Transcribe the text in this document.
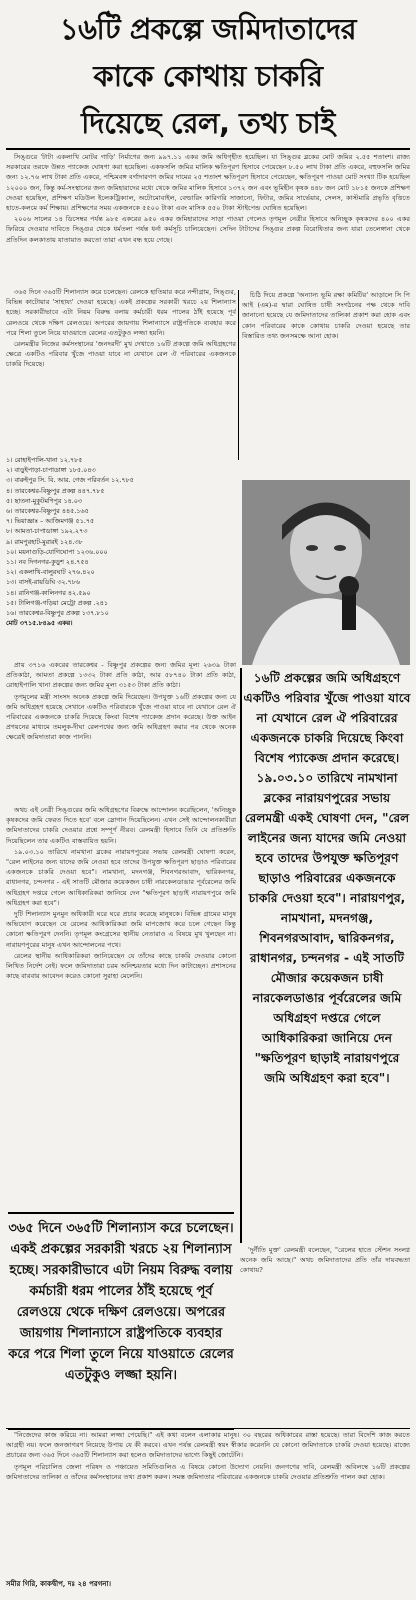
১৬টি প্রকল্পে জমিদাতাদের
কাকে কোথায় চাকরি
দিয়েছে রেল, তথ্য চাই

সিঙ্গুরে 'টাটা একলাখি মোটর গাড়ি' নির্মাণের জন্য ৯৯৭.১১ একর জমি অধিগৃহীত হয়েছিল। যা সিঙ্গুর ব্লকের মোট জমির ২.৫৫ শতাংশ। রাজ্য সরকারের তরফে উন্নত প্যাকেজ ঘোষণা করা হয়েছিল। একফসলি জমির মালিক ক্ষতিপূরণ হিসাবে পেয়েছেন ৮.৫০ লাখ টাকা প্রতি একরে, বহুফসলি জমির জন্য ১২.৭৬ লাখ টাকা প্রতি একরে, পশ্চিমবঙ্গ বর্গাদারগণ জমির দামের ২৫ শতাংশ ক্ষতিপূরণ হিসাবে পেয়েছেন, ক্ষতিপূরণ পাওয়া মোট সংখ্যা টিক হয়েছিল ১২০০০ জন, কিন্তু কর্ম-সংস্থানের জন্য জমিহারাদের মধ্যে থেকে জমির মালিক হিসাবে ১৩৭২ জন এবং ভূমিহীন কৃষক ৪৪৮ জন মোট ১৮১৫ জনকে প্রশিক্ষণ দেওয়া হয়েছিল, প্রশিক্ষণ মডিউল ইলেকট্রিক্যাল, অটোমোবাইল, বেল্ডারিং কারিগরি সাজানো, ফিটার, জমির সার্ভেয়ার, সেলস, কাস্টমারি প্রভৃতি বৃত্তিতে হাতে-কলমে কর্ম শিক্ষায়। প্রশিক্ষণের সময় একজনকে ৫৫০০ টাকা এবং মাসিক ৫৫০ টাকা স্টাইপেন্ড ঘোষিত হয়েছিল।

২০০৬ সালের ১৪ ডিসেম্বর পর্যন্ত ৯৮৫ একরের ৯৫০ একর জমিহারাদের সাড়া পাওয়া গেলেও তৃণমূল নেত্রীর হিসাবে অনিচ্ছুক কৃষকদের ৪০০ একর ফিরিয়ে দেওয়ার দাবিতে সিঙ্গুর থেকে ধর্মতলা পর্যন্ত ধর্না কর্মসূচি চালিয়েছেন। সেদিন টাটাদের সিঙ্গুর প্রকল্প বিরোধিতার জন্য যারা তেলেঙ্গানা থেকে প্রতিদিন কলকাতায় যাতায়াত করতো তারা এখন বন্ধ হয়ে গেছে।

৩৬৫ দিনে ৩৬৫টি শিলান্যাস করে চলেছেন। রেলকে হাতিয়ার করে নন্দীগ্রাম, সিঙ্গুর, বিভিন্ন কাটোয়ার 'সাহায্য' দেওয়া হয়েছে। একই প্রকল্পের সরকারী খরচে ২য় শিলান্যাস হচ্ছে। সরকারীভাবে এটা নিয়ম বিরুদ্ধ বলায় কর্মচারী ধরম পালের ঠাঁই হয়েছে পূর্ব রেলওয়ে থেকে দক্ষিণ রেলওয়ে। অপরের জায়গায় শিলান্যাসে রাষ্ট্রপতিকে ব্যবহার করে পরে শিলা তুলে নিয়ে যাওয়াতে রেলের এতটুকুও লজ্জা হয়নি।

রেলমন্ত্রীর নিজের কর্মসংস্থানের 'জনদরদী' মুখ দেখাতে ১৬টি প্রকল্পে জমি অধিগ্রহণের ক্ষেত্রে একটিও পরিবার খুঁজে পাওয়া যাবে না যেখানে রেল ঐ পরিবারের একজনকে চাকরি দিয়েছে।

চিঠি দিয়ে প্রকল্পে 'অন্যান্য ভূমি রক্ষা কমিটির' আড়ালে সি পি আই (এম)-র দ্বারা ঘোষিত চাষী সংগঠনের পক্ষ থেকে দাবি জানানো হয়েছে যে জমিদাতাদের তালিকা প্রকাশ করা হোক এবং কোন পরিবারের কাকে কোথায় চাকরি দেওয়া হয়েছে তার বিস্তারিত তথ্য জনসমক্ষে আনা হোক।

১। রোহাইপালি-খানা ১২.৭৮৫
২। বাড়ুইপাড়া-চাপাডাঙ্গা ১৮৫.০৪৩
৩। বারুইপুর সি. বি. আর. গেজ পরিবর্তন ১২.৭৮৫
৪। তারকেশ্বর-বিষ্ণুপুর প্রকল্প ৪৪৭.৭৮৫
৫। ছাতনা-মুকুটমণিপুর ১৪.০৩
৬। তারকেশ্বর-বিষ্ণুপুর ৪৪৫.১৬৫
৭। ভিয়াজ্ঞাঃ – আজিমগঞ্জ ৫১.৭৫
৮। আমতা-চাপাডাঙ্গা ১৯২.২৭৩
৯। রামপুরহাট-মুরারই ১২৪.৩৮
১০। ময়নাগুড়ি-যোগিঘোপা ১২৩৬.০০০
১১। নব দিগনগর-কুড়ুশ ২৪.৭৫৪
১২। একলাখি-বালুরঘাট ২৭৬.৪২০
১৩। বাসই-রায়ডিঘি ৩২.৭৮৬
১৪। রানিগঞ্জ-কালিনগর ৪২.৫৯০
১৫। টালিগঞ্জ-গড়িয়া মেট্রো প্রকল্প .২৪১
১৬। তারকেশ্বর-বিষ্ণুপুর প্রকল্প ১৩৭.৮১০
মোট ৩৭১৫.৮৪৯৫ একর।

প্রায় ৩৭১৬ একরের তারকেশ্বর - বিষ্ণুপুর প্রকল্পের জন্য জমির মূল্য ২৬৩৯ টাকা প্রতিকাঠা, আমতা প্রকল্পে ১৩৩২ টাকা প্রতি কাঠা, আর ৫৮৭৪০ টাকা প্রতি কাঠা, রোহাইপালি খানা প্রকল্পের জন্য জমির মূল্য ৩১৫৩ টাকা প্রতি কাঠা।

তৃণমূলের মন্ত্রী সাংসদ অনেক প্রকল্পে জমি দিয়েছেন। উপযুক্ত ১৬টি প্রকল্পের জন্য যে জমি অধিগ্রহণ হয়েছে সেখানে একটিও পরিবারকে খুঁজে পাওয়া যাবে না যেখানে রেল ঐ পরিবারের একজনকে চাকরি দিয়েছে কিংবা বিশেষ প্যাকেজ প্রদান করেছে। উক্ত আইন প্রণয়নের মাধ্যমে তমলুক-দীঘা রেলপথের জন্য জমি অধিগ্রহণ করার পর থেকে অনেক ক্ষেত্রেই জমিদাতারা কাজ পাননি।

অথচ এই নেত্রী সিঙ্গুরের জমি অধিগ্রহণের বিরুদ্ধে আন্দোলন করেছিলেন, 'অনিচ্ছুক কৃষকদের জমি ফেরত দিতে হবে' বলে স্লোগান দিয়েছিলেন। এখন সেই আন্দোলনকারীরা জমিদাতাদের চাকরি দেওয়ার প্রশ্নে সম্পূর্ণ নীরব। রেলমন্ত্রী হিসাবে তিনি যে প্রতিশ্রুতি দিয়েছিলেন তার একটিও বাস্তবায়িত হয়নি।

১৯.০৩.১০ তারিখে নামখানা ব্লকের নারায়ণপুরের সভায় রেলমন্ত্রী ঘোষণা করেন, "রেল লাইনের জন্য যাদের জমি নেওয়া হবে তাদের উপযুক্ত ক্ষতিপূরণ ছাড়াও পরিবারের একজনকে চাকরি দেওয়া হবে"। নামখানা, মদনগঞ্জ, শিবনগরআবাদ, দ্বারিকনগর, রাধানগর, চন্দনগর - এই সাতটি মৌজার কয়েকজন চাষী নারকেলডাঙার পূর্বরেলের জমি অধিগ্রহণ দপ্তরে গেলে আধিকারিকরা জানিয়ে দেন "ক্ষতিপূরণ ছাড়াই নারায়ণপুরে জমি অধিগ্রহণ করা হবে"।

দুটি শিলান্যাস মুনমুন অধিকারী ঘরে ঘরে প্রচার করেছে মানুষকে। বিভিন্ন গ্রামের মানুষ অভিযোগ করেছেন যে রেলের আধিকারিকরা জমি মাপজোখ করে চলে গেছেন কিন্তু কোনো ক্ষতিপূরণ দেননি। তৃণমূল কংগ্রেসের স্থানীয় নেতারাও এ বিষয়ে মুখ খুলছেন না। নারায়ণপুরের মানুষ এখন আন্দোলনের পথে।

রেলের স্থানীয় আধিকারিকরা জানিয়েছেন যে তাঁদের কাছে চাকরি দেওয়ার কোনো লিখিত নির্দেশ নেই। ফলে জমিদাতারা চরম অনিশ্চয়তার মধ্যে দিন কাটাচ্ছেন। প্রশাসনের কাছে বারবার আবেদন করেও কোনো সুরাহা মেলেনি।

১৬টি প্রকল্পের জমি অধিগ্রহণে একটিও পরিবার খুঁজে পাওয়া যাবে না যেখানে রেল ঐ পরিবারের একজনকে চাকরি দিয়েছে কিংবা বিশেষ প্যাকেজ প্রদান করেছে। ১৯.০৩.১০ তারিখে নামখানা ব্লকের নারায়ণপুরের সভায় রেলমন্ত্রী একই ঘোষণা দেন, "রেল লাইনের জন্য যাদের জমি নেওয়া হবে তাদের উপযুক্ত ক্ষতিপূরণ ছাড়াও পরিবারের একজনকে চাকরি দেওয়া হবে"। নারায়ণপুর, নামখানা, মদনগঞ্জ, শিবনগরআবাদ, দ্বারিকনগর, রাধানগর, চন্দনগর - এই সাতটি মৌজার কয়েকজন চাষী নারকেলডাঙার পূর্বরেলের জমি অধিগ্রহণ দপ্তরে গেলে আধিকারিকরা জানিয়ে দেন "ক্ষতিপূরণ ছাড়াই নারায়ণপুরে জমি অধিগ্রহণ করা হবে"।
৩৬৫ দিনে ৩৬৫টি শিলান্যাস করে চলেছেন। একই প্রকল্পের সরকারী খরচে ২য় শিলান্যাস হচ্ছে। সরকারীভাবে এটা নিয়ম বিরুদ্ধ বলায় কর্মচারী ধরম পালের ঠাঁই হয়েছে পূর্ব রেলওয়ে থেকে দক্ষিণ রেলওয়ে। অপরের জায়গায় শিলান্যাসে রাষ্ট্রপতিকে ব্যবহার করে পরে শিলা তুলে নিয়ে যাওয়াতে রেলের এতটুকুও লজ্জা হয়নি।

'দুর্নীতি মুক্ত' রেলমন্ত্রী বলেছেন, "রেলের হাতে স্টেশন সংলগ্ন অনেক জমি আছে।" অথচ জমিদাতাদের প্রতি তাঁর দায়বদ্ধতা কোথায়?

"নিজেদের কাজ করিয়ে না। আমরা লজ্জা পেয়েছি।" এই কথা বলেন এলাকার মানুষ। ৩০ বছরের অধিকারের রাস্তা হয়েছে। তারা বিদেশি কাজ করতে আগ্রহী নয়। ফলে জনজাগরণ নিয়েছে উপায় যে কী করবে। এখন পর্যন্ত রেলমন্ত্রী স্বয়ং স্বীকার করেননি যে কোনো জমিদাতাকে চাকরি দেওয়া হয়েছে। রাজ্যে প্রচারের জন্য ৩৬৫ দিনে ৩৬৫টি শিলান্যাস করা হলেও জমিদাতাদের ভাগ্যে কিছুই জোটেনি।

তৃণমূল পরিচালিত জেলা পরিষদ ও পঞ্চায়েত সমিতিগুলিও এ বিষয়ে কোনো উদ্যোগ নেয়নি। জনগণের দাবি, রেলমন্ত্রী অবিলম্বে ১৬টি প্রকল্পের জমিদাতাদের তালিকা ও তাঁদের কর্মসংস্থানের তথ্য প্রকাশ করুন। সমস্ত জমিদাতার পরিবারের একজনকে চাকরি দেওয়ার প্রতিশ্রুতি পালন করা হোক।

সমীর গিরি, কাকদ্বীপ, দঃ ২৪ পরগনা।
